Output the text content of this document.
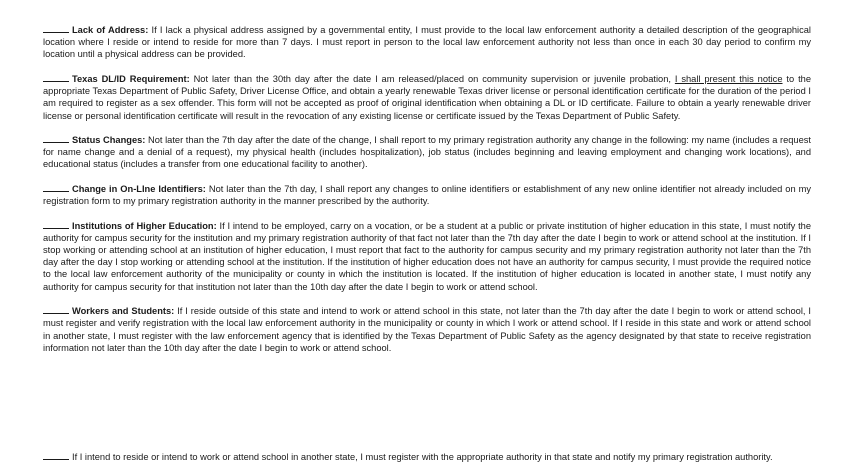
Lack of Address: If I lack a physical address assigned by a governmental entity, I must provide to the local law enforcement authority a detailed description of the geographical location where I reside or intend to reside for more than 7 days. I must report in person to the local law enforcement authority not less than once in each 30 day period to confirm my location until a physical address can be provided.

Texas DL/ID Requirement: Not later than the 30th day after the date I am released/placed on community supervision or juvenile probation, I shall present this notice to the appropriate Texas Department of Public Safety, Driver License Office, and obtain a yearly renewable Texas driver license or personal identification certificate for the duration of the period I am required to register as a sex offender. This form will not be accepted as proof of original identification when obtaining a DL or ID certificate. Failure to obtain a yearly renewable driver license or personal identification certificate will result in the revocation of any existing license or certificate issued by the Texas Department of Public Safety.

Status Changes: Not later than the 7th day after the date of the change, I shall report to my primary registration authority any change in the following: my name (includes a request for name change and a denial of a request), my physical health (includes hospitalization), job status (includes beginning and leaving employment and changing work locations), and educational status (includes a transfer from one educational facility to another).

Change in On-LIne Identifiers: Not later than the 7th day, I shall report any changes to online identifiers or establishment of any new online identifier not already included on my registration form to my primary registration authority in the manner prescribed by the authority.

Institutions of Higher Education: If I intend to be employed, carry on a vocation, or be a student at a public or private institution of higher education in this state, I must notify the authority for campus security for the institution and my primary registration authority of that fact not later than the 7th day after the date I begin to work or attend school at the institution. If I stop working or attending school at an institution of higher education, I must report that fact to the authority for campus security and my primary registration authority not later than the 7th day after the day I stop working or attending school at the institution. If the institution of higher education does not have an authority for campus security, I must provide the required notice to the local law enforcement authority of the municipality or county in which the institution is located. If the institution of higher education is located in another state, I must notify any authority for campus security for that institution not later than the 10th day after the date I begin to work or attend school.

Workers and Students: If I reside outside of this state and intend to work or attend school in this state, not later than the 7th day after the date I begin to work or attend school, I must register and verify registration with the local law enforcement authority in the municipality or county in which I work or attend school. If I reside in this state and work or attend school in another state, I must register with the law enforcement agency that is identified by the Texas Department of Public Safety as the agency designated by that state to receive registration information not later than the 10th day after the date I begin to work or attend school.

If I intend to reside or intend to work or attend school in another state, I must register with the appropriate authority in that state and notify my primary registration authority.
